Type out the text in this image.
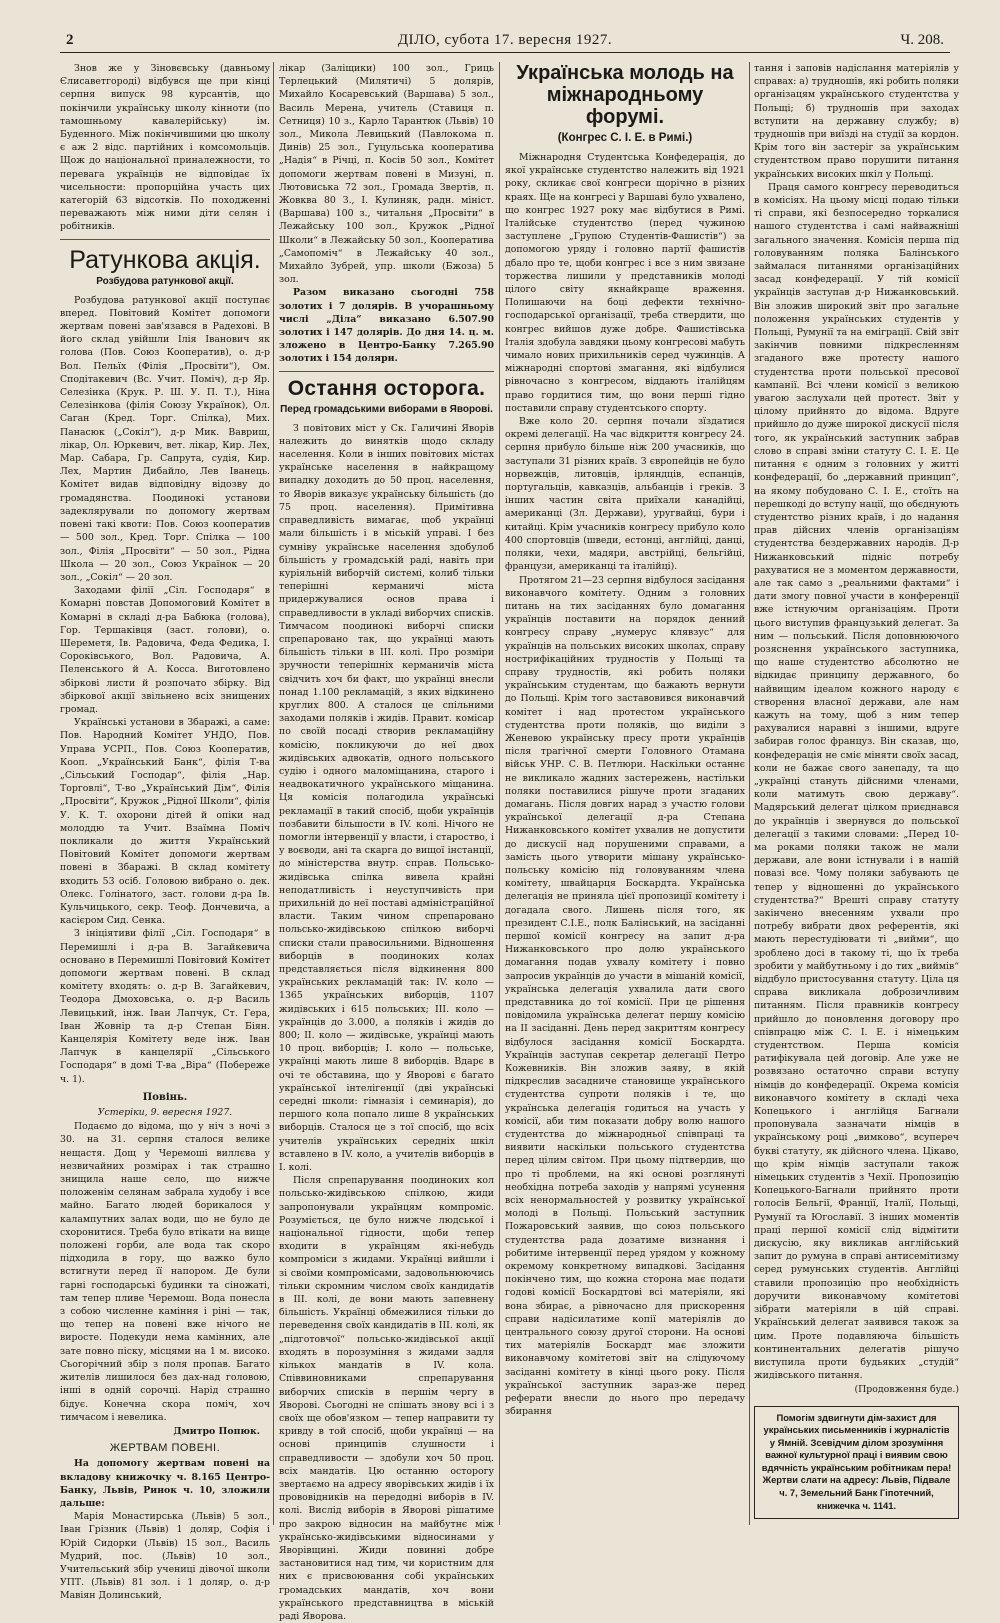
2	ДІЛО, субота 17. вересня 1927.	Ч. 208.

Знов же у Зіновєвську (давньому Єлисаветгороді) відбувся ще при кінці серпня випуск 98 курсантів, що покінчили українську школу кінноти (по тамошньому кавалерійську) ім. Буденного. Між покінчившими цю школу є аж 2 відс. партійних і комсомольців. Щож до національної приналежности, то перевага українців не відповідає їх чисельности: пропорційна участь цих категорій 63 відсотків. По походженні переважають між ними діти селян і робітників.

Ратункова акція.
Розбудова ратункової акції.

Розбудова ратункової акції поступає вперед. Повітовий Комітет допомоги жертвам повені зав'язався в Радехові. В його склад увійшли Ілія Іванович як голова (Пов. Союз Кооператив), о. д-р Вол. Пельїх (Філія „Просвіти“), Ом. Сподітакевич (Вс. Учит. Поміч), д-р Яр. Селезінка (Крук. Р. Ш. У. П. Т.), Ніна Селезінкова (філія Союзу Українок), Ол. Саган (Кред. Торг. Спілка), Мих. Панасюк („Сокіл“), д-р Мик. Вавриш, лікар, Ол. Юркевич, вет. лікар, Кир. Лех, Мар. Сабара, Гр. Сапрута, судія, Кир. Лех, Мартин Дибайло, Лев Іванець. Комітет видав відповідну відозву до громадянства. Поодинокі установи задеклярували по допомогу жертвам повені такі квоти: Пов. Союз кооператив — 500 зол., Кред. Торг. Спілка — 100 зол., Філія „Просвіти“ — 50 зол., Рідна Школа — 20 зол., Союз Українок — 20 зол., „Сокіл“ — 20 зол.

Заходами філії „Сіл. Господаря“ в Комарні повстав Допомоговий Комітет в Комарні в складі д-ра Бабюка (голова), Гор. Тершаківця (заст. голови), о. Шереметя, Ів. Радовича, Феда Федика, І. Сороківського, Вол. Радовича, А. Пеленського й А. Косса. Виготовлено збіркові листи й розпочато збірку. Від збіркової акції звільнено всіх знищених громад.

Українські установи в Збаражі, а саме: Пов. Народний Комітет УНДО, Пов. Управа УСРП., Пов. Союз Кооператив, Кооп. „Український Банк“, філія Т-ва „Сільський Господар“, філія „Нар. Торговлі“, Т-во „Український Дім“, Філія „Просвіти“, Кружок „Рідної Школи“, філія У. К. Т. охорони дітей й опіки над молоддю та Учит. Взаїмна Поміч покликали до життя Український Повітовий Комітет допомоги жертвам повені в Збаражі. В склад комітету входить 53 осіб. Головою вибрано о. дек. Олекс. Голінатого, заст. голови д-ра Ів. Кульчицького, секр. Теоф. Дончевича, а касієром Сид. Сенка.

З ініціятиви філії „Сіл. Господаря“ в Перемишлі і д-ра В. Загайкевича основано в Перемишлі Повітовий Комітет допомоги жертвам повені. В склад комітету входять: о. д-р В. Загайкевич, Теодора Дмоховська, о. д-р Василь Левицький, інж. Іван Лапчук, Ст. Гера, Іван Жовнір та д-р Степан Біян. Канцелярія Комітету веде інж. Іван Лапчук в канцелярії „Сільського Господаря“ в домі Т-ва „Віра“ (Побереже ч. 1).

Повінь.
Устеріки, 9. вересня 1927.

Подаємо до відома, що у ніч з ночі з 30. на 31. серпня сталося велике нещастя. Дощ у Черемоші виллєва у незвичайних розмірах і так страшно знищила наше село, що нижче положенім селянам забрала худобу і все майно. Багато людей борикалося у калампутних залах води, що не було де схоронитися. Треба було втікати на вище положені горби, але вода так скоро підходила в гору, що важко було встигнути перед її напором. Де були гарні господарські будинки та сіножаті, там тепер пливе Черемош. Вода понесла з собою численне каміння і ріні — так, що тепер на повені вже нічого не виросте. Подекуди нема камінних, але зате повно піску, місцями на 1 м. високо. Сьогорічний збір з поля пропав. Багато жителів лишилося без дах-над головою, інші в одній сорочці. Нарід страшно бідує. Конечна скора поміч, хоч тимчасом і невелика.

Дмитро Попюк.
ЖЕРТВАМ ПОВЕНІ.

На допомогу жертвам повені на вкладову книжочку ч. 8.165 Центро-Банку, Львів, Ринок ч. 10, зложили дальше:

Марія Монастирська (Львів) 5 зол., Іван Грізник (Львів) 1 доляр, Софія і Юрій Сидорки (Львів) 15 зол., Василь Мудрий, пос. (Львів) 10 зол., Учительський збір учениці дівочої школи УПТ. (Львів) 81 зол. і 1 доляр, о. д-р Мавіян Долинський,

лікар (Заліщики) 100 зол., Гриць Терлецький (Милятичі) 5 долярів, Михайло Косаревський (Варшава) 5 зол., Василь Мерена, учитель (Ставиця п. Сетниця) 10 з., Карло Тарантюк (Львів) 10 зол., Микола Левицький (Павлокома п. Динів) 25 зол., Гуцульська кооператива „Надія“ в Річці, п. Косів 50 зол., Комітет допомоги жертвам повені в Мизуні, п. Лютовиська 72 зол., Громада Звертів, п. Жовква 80 З., І. Кулиняк, радн. мініст. (Варшава) 100 з., читальня „Просвіти“ в Лежайську 100 зол., Кружок „Рідної Школи“ в Лежайську 50 зол., Кооператива „Самопоміч“ в Лежайську 40 зол., Михайло Зубрей, упр. школи (Бжоза) 5 зол.

Разом виказано сьогодні 758 золотих і 7 долярів. В учорашньому числі „Діла“ виказано 6.507.90 золотих і 147 долярів. До дня 14. ц. м. зложено в Центро-Банку 7.265.90 золотих і 154 доляри.

Остання осторога.
Перед громадськими виборами в Яворові.

З повітових міст у Ск. Галичині Яворів належить до винятків щодо складу населення. Коли в інших повітових містах українське населення в найкращому випадку доходить до 50 проц. населення, то Яворів виказує українську більшість (до 75 проц. населення). Примітивна справедливість вимагає, щоб українці мали більшість і в міській управі. І без сумніву українське населення здобулоб більшість у громадській раді, навіть при куріяльній виборчій системі, колиб тільки теперішні керманичі міста придержувалися основ права і справедливости в укладі виборчих списків. Тимчасом поодинокі виборчі списки спрепаровано так, що українці мають більшість тільки в ІІІ. колі. Про розміри зручности теперішніх керманичів міста свідчить хоч би факт, що українці внесли понад 1.100 рекламацій, з яких відкинено круглих 800. А сталося це спільними заходами поляків і жидів. Правит. комісар по своїй посаді створив рекламаційну комісію, покликуючи до неї двох жидівських адвокатів, одного польського судію і одного маломіщанина, старого і неадвокатичного українського міщанина. Ця комісія полагодила українські рекламації в такий спосіб, щоби українців позбавити більшости в IV. колі. Нічого не помогли інтервенції у власти, і староство, і у воєводи, ані та скарга до вищої інстанції, до міністерства внутр. справ. Польсько-жидівська спілка вивела крайнi неподатливість і неуступчивість при прихильній до неї поставі адміністраційної власти. Таким чином спрепаровано польсько-жидівською спілкою виборчі списки стали правосильними. Відношення виборців в поодиноких колах представляється після відкинення 800 українських рекламацій так: IV. коло — 1365 українських виборців, 1107 жидівських і 615 польських; III. коло — українців до 3.000, а поляків і жидів до 800; II. коло — жидівське, українці мають 10 проц. виборців; I. коло — польське, українці мають лише 8 виборців. Вдарє в очі те обставина, що у Яворові є багато української інтелігенції (дві українські середні школи: гімназія і семинарія), до першого кола попало лише 8 українських виборців. Сталося це з тої спосіб, що всіх учителів українських середніх шкіл вставлено в IV. коло, а учителів виборців в І. колі.

Після спрепарування поодиноких кол польсько-жидівською спілкою, жиди запропонували українцям компроміс. Розуміється, це було нижче людської і національної гідности, щоби тепер входити в українцям які-небудь компроміси з жидами. Українці вийшли і зі своїми компромісами, задовольнюючись тільки скромним числом своїх кандидатів в III. колі, де вони мають запевнену більшість. Українці обмежилися тільки до переведення своїх кандидатів в III. колі, як „підготовчої“ польсько-жидівської акції входять в порозуміння з жидами задля кількох мандатів в IV. кола. Співвиновниками спрепарування виборчих списків в першім чергу в Яворові. Сьогодні не спішать знову всі і з своїх ще обов'язком — тепер направити ту кривду в той спосіб, щоби українці — на основі принципів слушности і справедливости — здобули хоч 50 проц. всіх мандатів. Цю останню осторогу звертаємо на адресу яворівських жидів і їх прововідників на передодні виборів в IV. колі. Вислід виборів в Яворові рішатиме про закрою відносин на майбутнє між українсько-жидівськими відносинами у Яворівщині. Жиди повинні добре застановитися над тим, чи користним для них є присвоювання собі українських громадських мандатів, хоч вони українського представництва в міській раді Яворова.

Українська молодь на міжнародньому форумі.
(Конгрес С. І. Е. в Римі.)

Міжнародня Студентська Конфедерація, до якої українське студентство належить від 1921 року, скликає свої конгреси щорічно в різних краях. Ще на конгресі у Варшаві було ухвалено, що конгрес 1927 року має відбутися в Римі. Італійське студентство (перед чужиною заступлене „Групою Студентів-Фашистів“) за допомогою уряду і головно партії фашистів дбало про те, щоби конгрес і все з ним звязане торжества лишили у представників молоді цілого світу якнайкраще враження. Полишаючи на боці дефекти технічно-господарської організації, треба ствердити, що конгрес вийшов дуже добре. Фашистівська Італія здобула завдяки цьому конгресові мабуть чимало нових прихильників серед чужинців. А міжнародні спортові змагання, які відбулися рівночасно з конгресом, віддають італійцям право гордитися тим, що вони перші гідно поставили справу студентського спорту.

Вже коло 20. серпня почали зїздатися окремі делегації. На час відкриття конгресу 24. серпня прибуло більше ніж 200 учасників, що заступали 31 різних країв. З європейців не було норвежців, литовців, ірляндців, еспанців, португальців, кавказців, альбанців і греків. З інших частин світа приїхали канадійці, американці (Зл. Держави), уругвайці, бури і китайці. Крім учасників конгресу прибуло коло 400 спортовців (шведи, естонці, англійці, данці, поляки, чехи, мадяри, австрійці, бельгійці, французи, американці та італійці).

Протягом 21—23 серпня відбулося засідання виконавчого комітету. Одним з головних питань на тих засіданнях було домагання українців поставити на порядок денний конгресу справу „нумерус клявзус“ для українців на польських високих школах, справу нострифікаційних трудностів у Польщі та справу трудностів, які робить поляки українським студентам, що бажають вернути до Польщі. Крім того заставовився виконавчий комітет і над протестом українського студентства проти поляків, що виділи з Женевою українську пресу проти українців після трагічної смерти Головного Отамана військ УНР. С. В. Петлюри. Наскільки останнє не викликало жадних застережень, настільки поляки поставилися рішуче проти згаданих домагань. Після довгих нарад з участю голови української делегації д-ра Степана Нижанковського комітет ухвалив не допустити до дискусії над порушеними справами, а замість цього утворити мішану українсько-польську комісію під головуванням члена комітету, швайцарця Боскардта. Українська делегація не приняла цієї пропозиції комітету і догадала свого. Лишень після того, як президент С.І.Е., полк Балінський, на засіданні першої комісії конгресу на запит д-ра Нижанковського про долю українського домагання подав ухвалу комітету і повно запросив українців до участи в мішаній комісії, українська делегація ухвалила дати свого представника до тої комісії. При це рішення повідомила українська делегат першу комісію на II засіданні. День перед закриттям конгресу відбулося засідання комісії Боскардта. Українців заступав секретар делегації Петро Кожевників. Він зложив заяву, в якій підкреслив засадниче становище українського студентства супроти поляків і те, що українська делегація годиться на участь у комісії, аби тим показати добру волю нашого студентства до міжнародньої співпраці та виявити наскільки польського студентства перед цілим світом. При цьому підтвердив, що про ті проблеми, на які основі розглянуті необхідна потреба заходів у напрямі усунення всіх ненормальностей у розвитку української молоді в Польщі. Польський заступник Пожаровський заявив, що союз польського студентства рада дозатиме визнання і робитиме інтервенції перед урядом у кожному окремому конкретному випадкові. Засідання покінчено тим, що кожна сторона має подати годові комісії Боскардтові всі матеріяли, які вона збирає, а рівночасно для прискорення справи надісилатиме копії матеріялів до центрального союзу другої сторони. На основі тих матеріялів Боскардт має зложити виконавчому комітетові звіт на слідуючому засіданні комітету в кінці цього року. Після української заступник зараз-же перед реферати внесли до нього про передачу збирання

тання і заповів надіслання матеріялів у справах: а) трудношів, які робить поляки організацям українського студентства у Польщі; б) трудношів при заходах вступити на державну службу; в) трудношів при виїзді на студії за кордон. Крім того він застеріг за українським студентством право порушити питання українських високих шкіл у Польщі.

Праця самого конгресу переводиться в комісіях. На цьому місці подаю тільки ті справи, які безпосередно торкалися нашого студентства і самі найважніші загального значення. Комісія перша під головуванням поляка Балінського займалася питаннями організаційних засад конфедерації. У тій комісії українців заступав д-р Нижанковський. Він зложив широкий звіт про загальне положення українських студентів у Польщі, Румунії та на еміграції. Свій звіт закінчив повними підкресленням згаданого вже протесту нашого студентства проти польської пресової кампанії. Всі члени комісії з великою увагою заслухали цей протест. Звіт у цілому прийнято до відома. Вдруге прийшло до дуже широкої дискусії після того, як український заступник забрав слово в справі зміни статуту С. І. Е. Це питання є одним з головних у житті конфедерації, бо „державний принцип“, на якому побудовано С. І. Е., стоїть на перешкоді до вступу нації, що обєднують студентство різних країв, і до надання прав дійсних членів організаціям студентства бездержавних народів. Д-р Нижанковський підніс потребу рахуватися не з моментом державности, але так само з „реальними фактами“ і дати змогу повної участи в конференції вже істнуючим організаціям. Проти цього виступив французький делегат. За ним — польський. Після доповнюючого розяснення українського заступника, що наше студентство абсолютно не відкидає принципу державного, бо найвищим ідеалом кожного народу є створення власної держави, але нам кажуть на тому, щоб з ним тепер рахувалися наравні з іншими, вдруге забирав голос француз. Він сказав, що, конфедерація не сміє міняти своїх засад, коли не бажає свого занепаду, та що „українці стануть дійсними членами, коли матимуть свою державу“. Мадярський делегат цілком приєднався до українців і звернувся до польської делегації з такими словами: „Перед 10-ма роками поляки також не мали держави, але вони істнували і в нашій повазі все. Чому поляки забувають це тепер у відношенні до українського студентства?“ Врешті справу статуту закінчено внесенням ухвали про потребу вибрати двох референтів, які мають перестудіювати ті „вийми“, що зроблено досі в такому ті, що їх треба зробити у майбутньому і до тих „виймів“ віддбуло пристосування статуту. Ціла ця справа викликала доброзичливим питанням. Після правників конгресу прийшло до поновлення договору про співпрацю між С. І. Е. і німецьким студентством. Перша комісія ратифікувала цей договір. Але уже не розвязано остаточно справи вступу німців до конфедерації. Окрема комісія виконавчого комітету в складі чеха Копецького і англійця Багнали пропонувала зазначати німців в українському році „вимково“, всупереч букві статуту, як дійсного члена. Цікаво, що крім німців заступали також німецьких студентів з Чехії. Пропозицію Копецького-Багнали прийнято проти голосів Бельгії, Франції, Італії, Польщі, Румунії та Югославії. З інших моментів праці першої комісії слід відмітити дискусію, яку викликав англійський запит до румуна в справі антисемітизму серед румунських студентів. Англійці ставили пропозицію про необхідність доручити виконавчому комітетові зібрати матеріяли в цій справі. Український делегат заявився також за цим. Проте подавляюча більшість континентальних делегатів рішучо виступила проти будьяких „студій“ жидівського питання.

(Продовження буде.)
Помогім здвигнути дім-захист для українських письменників і журналістів у Ямній. Зсевідчим ділом зрозуміння важної культурної праці і виявим свою вдячність українським робітникам пера! Жертви слати на адресу: Львів, Підвале ч. 7, Земельний Банк Гіпотечний, книжечка ч. 1141.
